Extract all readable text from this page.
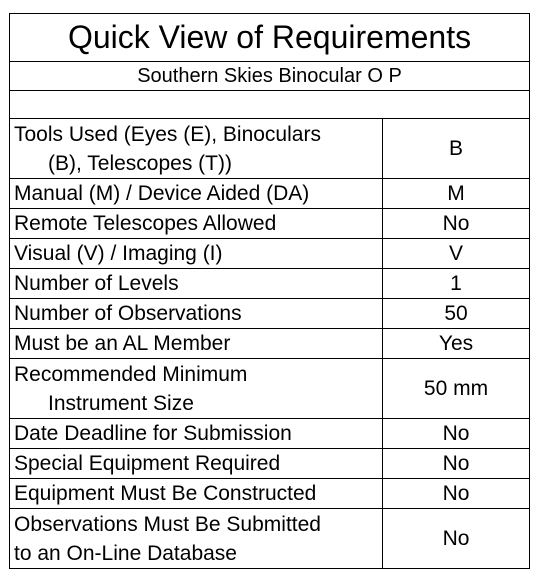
Quick View of Requirements	
Southern Skies Binocular O P	

Tools Used (Eyes (E), Binoculars
(B), Telescopes (T))	B

Manual (M) / Device Aided (DA)	M

Remote Telescopes Allowed	No

Visual (V) / Imaging (I)	V

Number of Levels	1

Number of Observations	50

Must be an AL Member	Yes

Recommended Minimum
Instrument Size	50 mm

Date Deadline for Submission	No

Special Equipment Required	No

Equipment Must Be Constructed	No

Observations Must Be Submitted
to an On-Line Database	No
